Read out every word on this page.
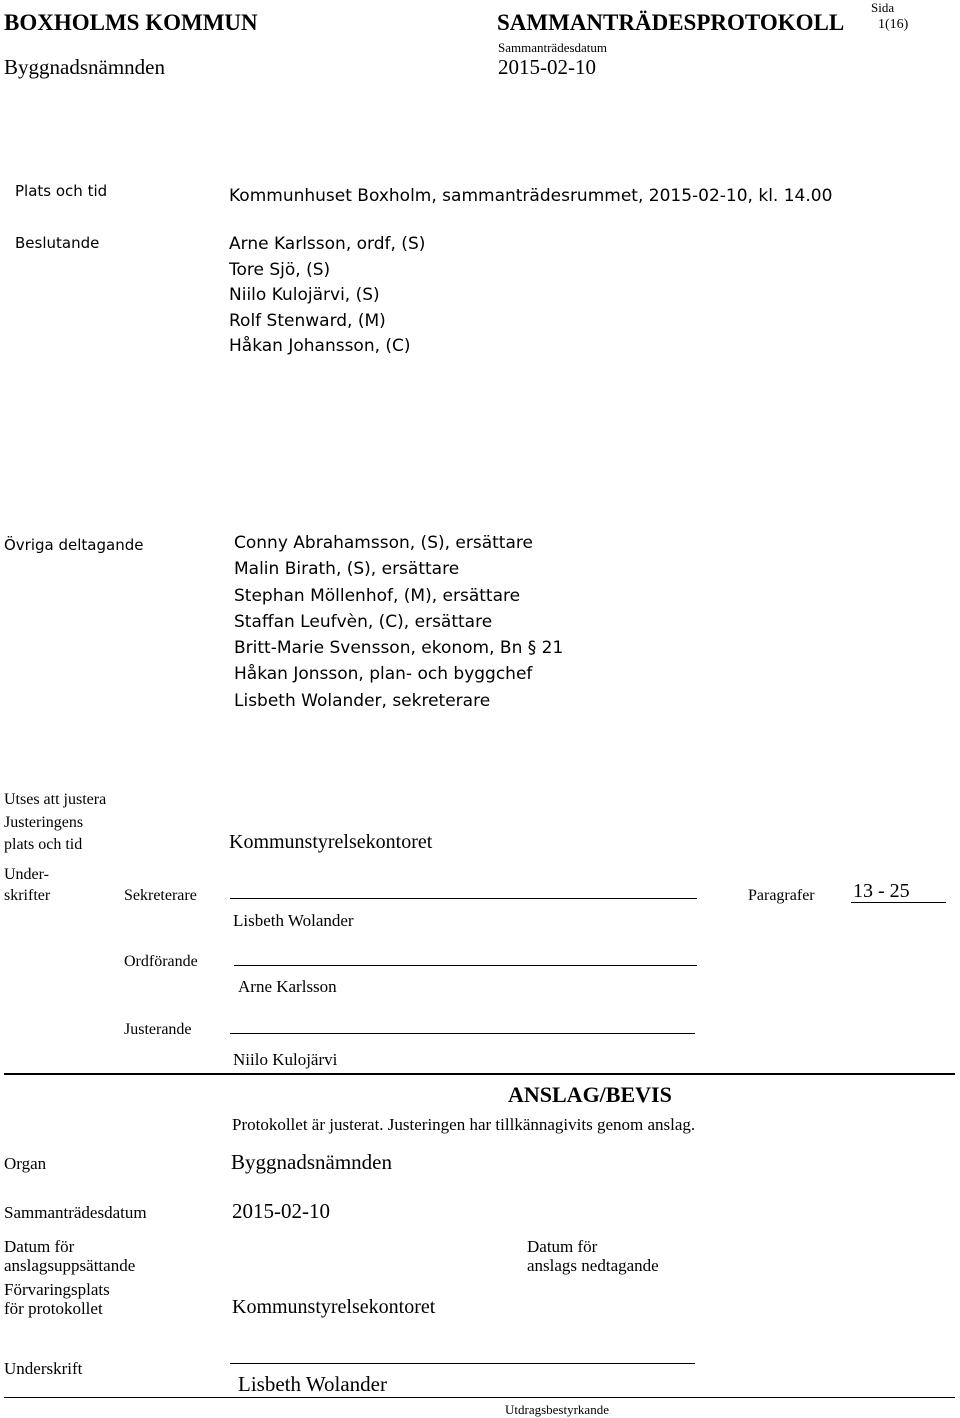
BOXHOLMS KOMMUN	SAMMANTRÄDESPROTOKOLL
Sida
1(16)
Byggnadsnämnden
Sammanträdesdatum
2015-02-10
Plats och tid	Kommunhuset Boxholm, sammanträdesrummet, 2015-02-10, kl. 14.00
Beslutande	Arne Karlsson, ordf, (S)
Tore Sjö, (S)
Niilo Kulojärvi, (S)
Rolf Stenward, (M)
Håkan Johansson, (C)
Övriga deltagande	Conny Abrahamsson, (S), ersättare
Malin Birath, (S), ersättare
Stephan Möllenhof, (M), ersättare
Staffan Leufvèn, (C), ersättare
Britt-Marie Svensson, ekonom, Bn § 21
Håkan Jonsson, plan- och byggchef
Lisbeth Wolander, sekreterare
Utses att justera
Justeringens
plats och tid	Kommunstyrelsekontoret
Under-
skrifter	Sekreterare
Lisbeth Wolander
Paragrafer 13 - 25
Ordförande
Arne Karlsson
Justerande
Niilo Kulojärvi
ANSLAG/BEVIS
Protokollet är justerat. Justeringen har tillkännagivits genom anslag.
Organ	Byggnadsnämnden
Sammanträdesdatum	2015-02-10
Datum för
anslagsuppsättande
Datum för
anslags nedtagande
Förvaringsplats
för protokollet	Kommunstyrelsekontoret
Underskrift
Lisbeth Wolander
Utdragsbestyrkande
